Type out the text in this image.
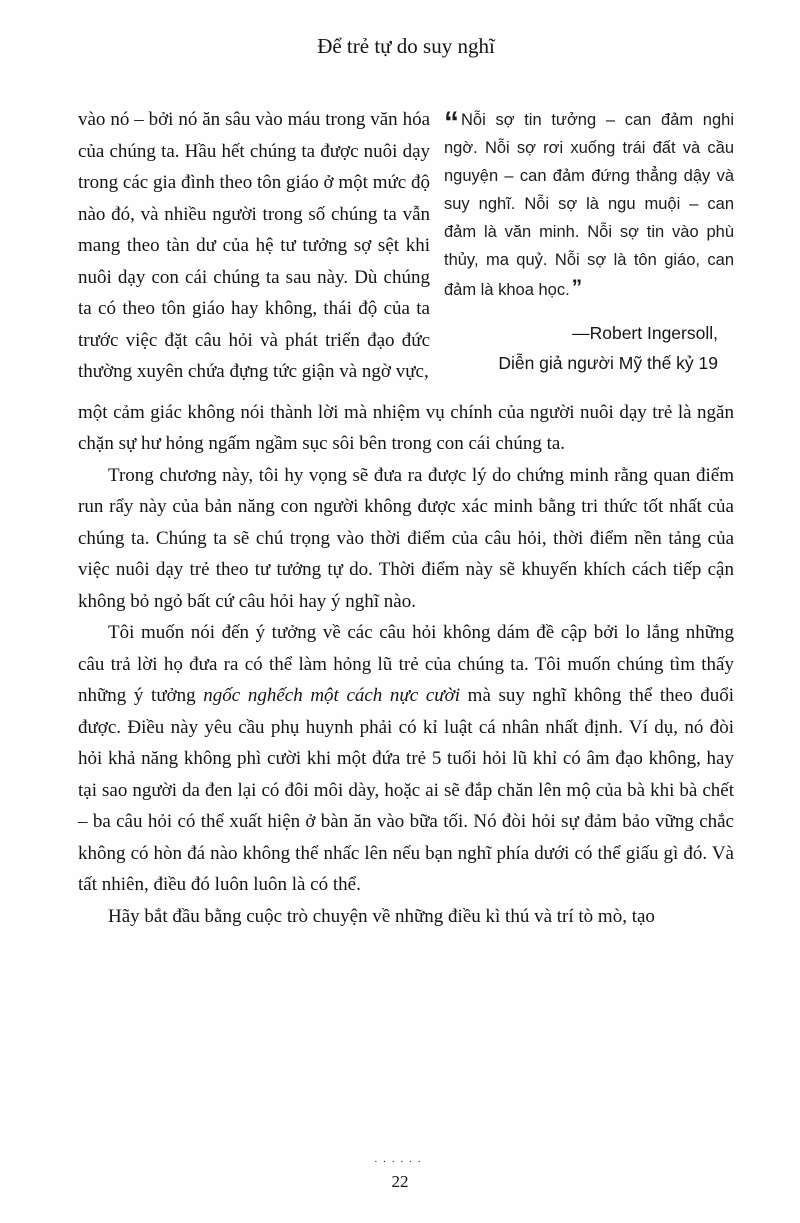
Để trẻ tự do suy nghĩ
vào nó – bởi nó ăn sâu vào máu trong văn hóa của chúng ta. Hầu hết chúng ta được nuôi dạy trong các gia đình theo tôn giáo ở một mức độ nào đó, và nhiều người trong số chúng ta vẫn mang theo tàn dư của hệ tư tưởng sợ sệt khi nuôi dạy con cái chúng ta sau này. Dù chúng ta có theo tôn giáo hay không, thái độ của ta trước việc đặt câu hỏi và phát triển đạo đức thường xuyên chứa đựng tức giận và ngờ vực,
“ Nỗi sợ tin tưởng – can đảm nghi ngờ. Nỗi sợ rơi xuống trái đất và cầu nguyện – can đảm đứng thẳng dậy và suy nghĩ. Nỗi sợ là ngu muội – can đảm là văn minh. Nỗi sợ tin vào phù thủy, ma quỷ. Nỗi sợ là tôn giáo, can đảm là khoa học.”
—Robert Ingersoll,
Diễn giả người Mỹ thế kỷ 19

một cảm giác không nói thành lời mà nhiệm vụ chính của người nuôi dạy trẻ là ngăn chặn sự hư hỏng ngấm ngầm sục sôi bên trong con cái chúng ta.

Trong chương này, tôi hy vọng sẽ đưa ra được lý do chứng minh rằng quan điểm run rẩy này của bản năng con người không được xác minh bằng tri thức tốt nhất của chúng ta. Chúng ta sẽ chú trọng vào thời điểm của câu hỏi, thời điểm nền tảng của việc nuôi dạy trẻ theo tư tưởng tự do. Thời điểm này sẽ khuyến khích cách tiếp cận không bỏ ngỏ bất cứ câu hỏi hay ý nghĩ nào.

Tôi muốn nói đến ý tưởng về các câu hỏi không dám đề cập bởi lo lắng những câu trả lời họ đưa ra có thể làm hỏng lũ trẻ của chúng ta. Tôi muốn chúng tìm thấy những ý tưởng ngốc nghếch một cách nực cười mà suy nghĩ không thể theo đuổi được. Điều này yêu cầu phụ huynh phải có kỉ luật cá nhân nhất định. Ví dụ, nó đòi hỏi khả năng không phì cười khi một đứa trẻ 5 tuổi hỏi lũ khỉ có âm đạo không, hay tại sao người da đen lại có đôi môi dày, hoặc ai sẽ đắp chăn lên mộ của bà khi bà chết – ba câu hỏi có thể xuất hiện ở bàn ăn vào bữa tối. Nó đòi hỏi sự đảm bảo vững chắc không có hòn đá nào không thể nhấc lên nếu bạn nghĩ phía dưới có thể giấu gì đó. Và tất nhiên, điều đó luôn luôn là có thể.

Hãy bắt đầu bằng cuộc trò chuyện về những điều kì thú và trí tò mò, tạo

······
22
